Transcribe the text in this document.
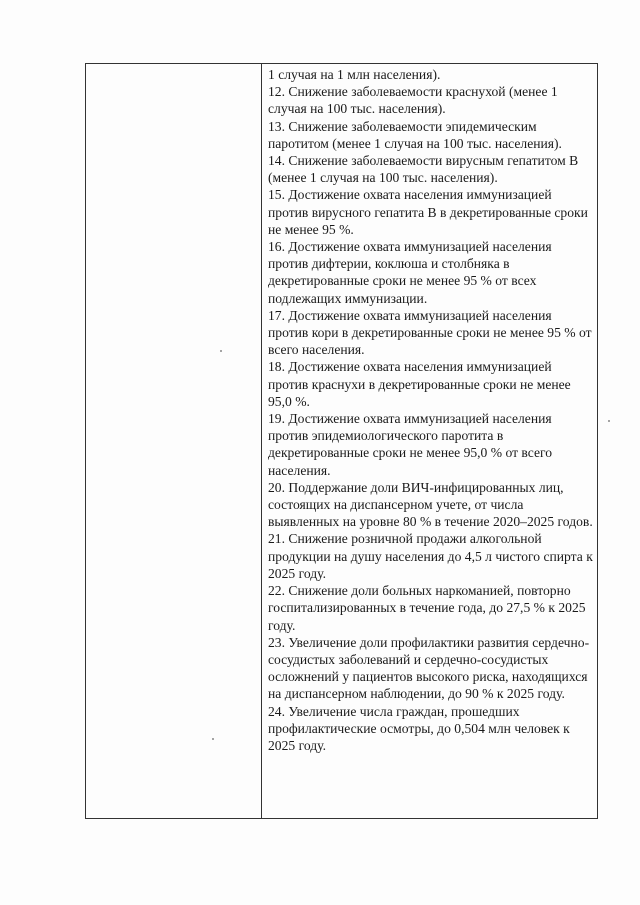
1 случая на 1 млн населения).
12. Снижение заболеваемости краснухой (менее 1 случая на 100 тыс. населения).
13. Снижение заболеваемости эпидемическим паротитом (менее 1 случая на 100 тыс. населения).
14. Снижение заболеваемости вирусным гепатитом В (менее 1 случая на 100 тыс. населения).
15. Достижение охвата населения иммунизацией против вирусного гепатита В в декретированные сроки не менее 95 %.
16. Достижение охвата иммунизацией населения против дифтерии, коклюша и столбняка в декретированные сроки не менее 95 % от всех подлежащих иммунизации.
17. Достижение охвата иммунизацией населения против кори в декретированные сроки не менее 95 % от всего населения.
18. Достижение охвата населения иммунизацией против краснухи в декретированные сроки не менее 95,0 %.
19. Достижение охвата иммунизацией населения против эпидемиологического паротита в декретированные сроки не менее 95,0 % от всего населения.
20. Поддержание доли ВИЧ-инфицированных лиц, состоящих на диспансерном учете, от числа выявленных на уровне 80 % в течение 2020–2025 годов.
21. Снижение розничной продажи алкогольной продукции на душу населения до 4,5 л чистого спирта к 2025 году.
22. Снижение доли больных наркоманией, повторно госпитализированных в течение года, до 27,5 % к 2025 году.
23. Увеличение доли профилактики развития сердечно-сосудистых заболеваний и сердечно-сосудистых осложнений у пациентов высокого риска, находящихся на диспансерном наблюдении, до 90 % к 2025 году.
24. Увеличение числа граждан, прошедших профилактические осмотры, до 0,504 млн человек к 2025 году.
